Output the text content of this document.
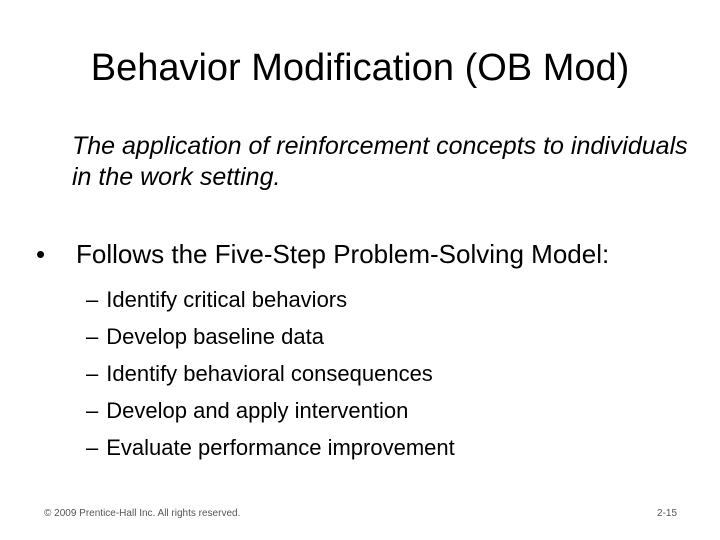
Behavior Modification (OB Mod)
The application of reinforcement concepts to individuals in the work setting.
•	Follows the Five-Step Problem-Solving Model:
– Identify critical behaviors
– Develop baseline data
– Identify behavioral consequences
– Develop and apply intervention
– Evaluate performance improvement
© 2009 Prentice-Hall Inc. All rights reserved.	2-15
